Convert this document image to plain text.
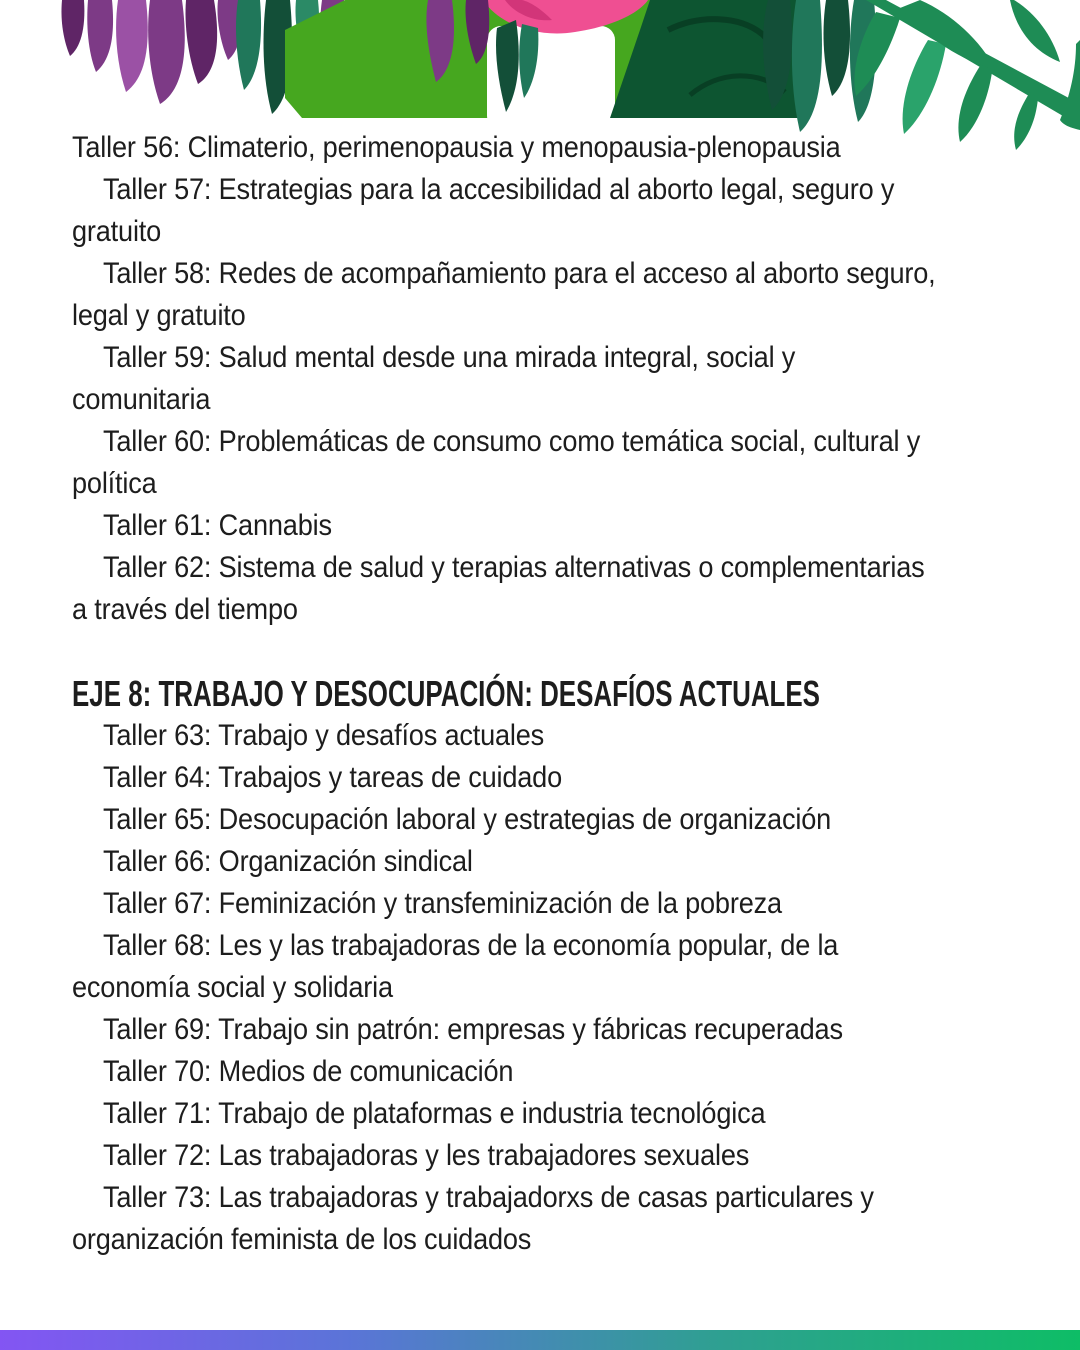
Taller 56: Climaterio, perimenopausia y menopausia-plenopausia
Taller 57: Estrategias para la accesibilidad al aborto legal, seguro y
gratuito
Taller 58: Redes de acompañamiento para el acceso al aborto seguro,
legal y gratuito
Taller 59: Salud mental desde una mirada integral, social y
comunitaria
Taller 60: Problemáticas de consumo como temática social, cultural y
política
Taller 61: Cannabis
Taller 62: Sistema de salud y terapias alternativas o complementarias
a través del tiempo
EJE 8: TRABAJO Y DESOCUPACIÓN: DESAFÍOS ACTUALES
Taller 63: Trabajo y desafíos actuales
Taller 64: Trabajos y tareas de cuidado
Taller 65: Desocupación laboral y estrategias de organización
Taller 66: Organización sindical
Taller 67: Feminización y transfeminización de la pobreza
Taller 68: Les y las trabajadoras de la economía popular, de la
economía social y solidaria
Taller 69: Trabajo sin patrón: empresas y fábricas recuperadas
Taller 70: Medios de comunicación
Taller 71: Trabajo de plataformas e industria tecnológica
Taller 72: Las trabajadoras y les trabajadores sexuales
Taller 73: Las trabajadoras y trabajadorxs de casas particulares y
organización feminista de los cuidados
